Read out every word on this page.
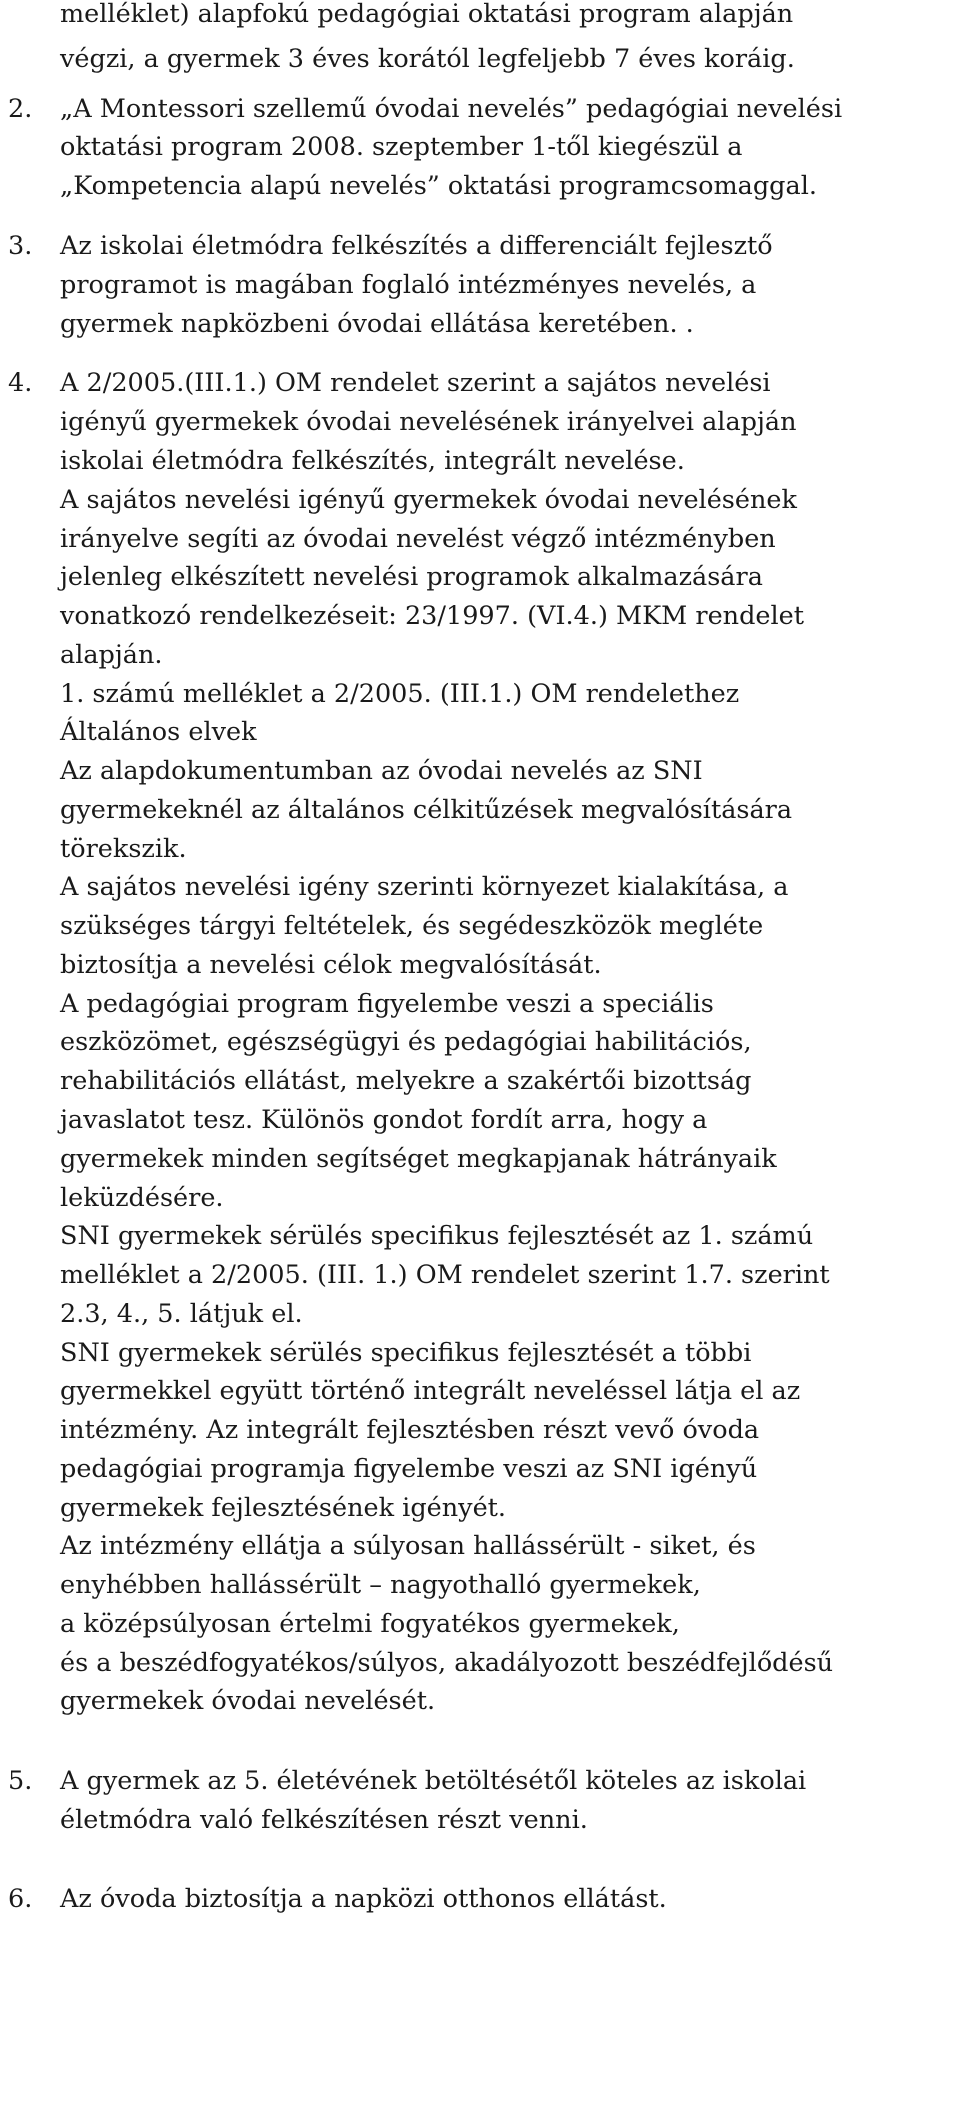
melléklet) alapfokú pedagógiai oktatási program alapján
végzi, a gyermek 3 éves korától legfeljebb 7 éves koráig.
2.	„A Montessori szellemű óvodai nevelés” pedagógiai nevelési
oktatási program 2008. szeptember 1-től kiegészül a
„Kompetencia alapú nevelés” oktatási programcsomaggal.
3.	Az iskolai életmódra felkészítés a differenciált fejlesztő
programot is magában foglaló intézményes nevelés, a
gyermek napközbeni óvodai ellátása keretében. .
4.	A 2/2005.(III.1.) OM rendelet szerint a sajátos nevelési
igényű gyermekek óvodai nevelésének irányelvei alapján
iskolai életmódra felkészítés, integrált nevelése.
A sajátos nevelési igényű gyermekek óvodai nevelésének
irányelve segíti az óvodai nevelést végző intézményben
jelenleg elkészített nevelési programok alkalmazására
vonatkozó rendelkezéseit: 23/1997. (VI.4.) MKM rendelet
alapján.
1. számú melléklet a 2/2005. (III.1.) OM rendelethez
Általános elvek
Az alapdokumentumban az óvodai nevelés az SNI
gyermekeknél az általános célkitűzések megvalósítására
törekszik.
A sajátos nevelési igény szerinti környezet kialakítása, a
szükséges tárgyi feltételek, és segédeszközök megléte
biztosítja a nevelési célok megvalósítását.
A pedagógiai program figyelembe veszi a speciális
eszközömet, egészségügyi és pedagógiai habilitációs,
rehabilitációs ellátást, melyekre a szakértői bizottság
javaslatot tesz. Különös gondot fordít arra, hogy a
gyermekek minden segítséget megkapjanak hátrányaik
leküzdésére.
SNI gyermekek sérülés specifikus fejlesztését az 1. számú
melléklet a 2/2005. (III. 1.) OM rendelet szerint 1.7. szerint
2.3, 4., 5. látjuk el.
SNI gyermekek sérülés specifikus fejlesztését a többi
gyermekkel együtt történő integrált neveléssel látja el az
intézmény. Az integrált fejlesztésben részt vevő óvoda
pedagógiai programja figyelembe veszi az SNI igényű
gyermekek fejlesztésének igényét.
Az intézmény ellátja a súlyosan hallássérült - siket, és
enyhébben hallássérült – nagyothalló gyermekek,
a középsúlyosan értelmi fogyatékos gyermekek,
és a beszédfogyatékos/súlyos, akadályozott beszédfejlődésű
gyermekek óvodai nevelését.
5.	A gyermek az 5. életévének betöltésétől köteles az iskolai
életmódra való felkészítésen részt venni.
6.	Az óvoda biztosítja a napközi otthonos ellátást.
